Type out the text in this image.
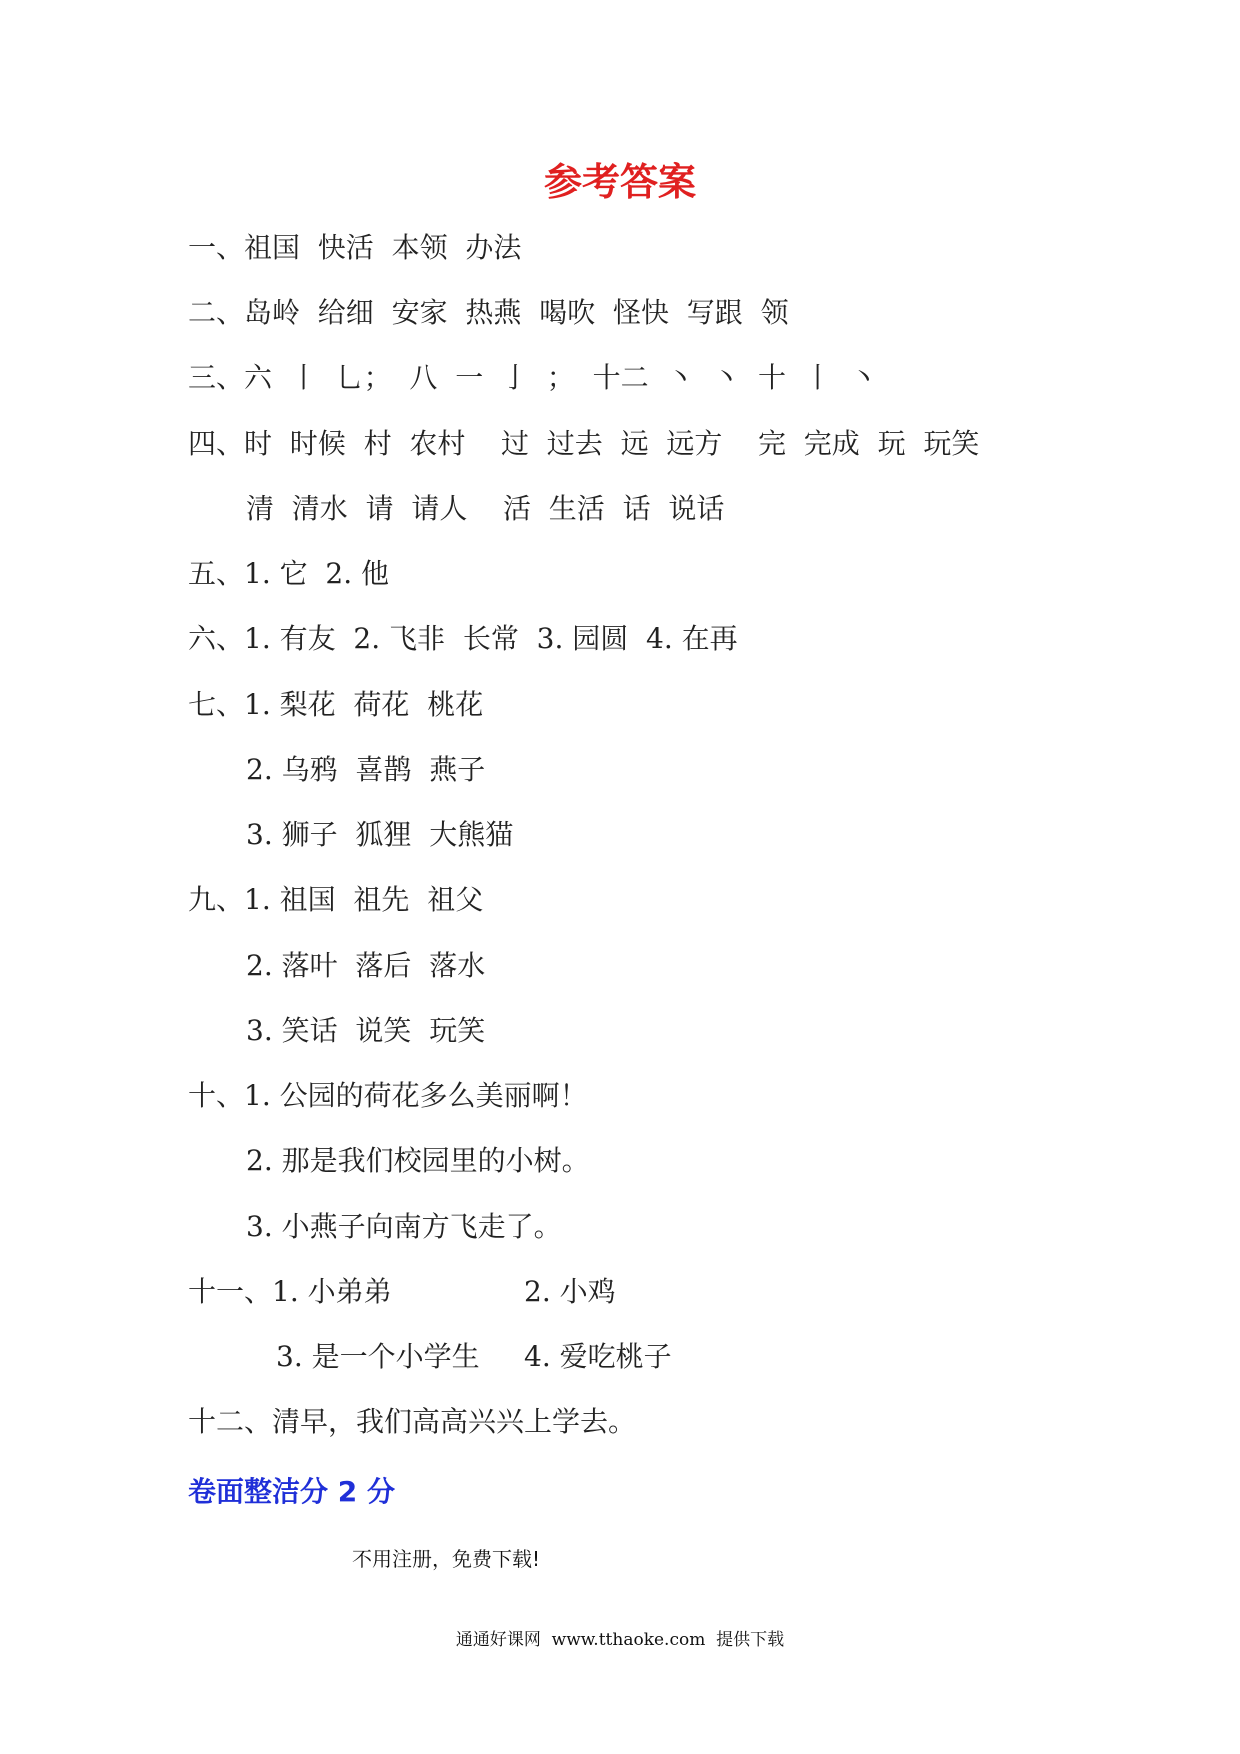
参考答案
一、祖国  快活  本领  办法
二、岛岭  给细  安家  热燕  喝吹  怪快  写跟  领
三、六  丨  乚；  八  一  亅  ；  十二  丶  丶  十  丨  丶
四、时  时候  村  农村    过  过去  远  远方    完  完成  玩  玩笑
清  清水  请  请人    活  生活  话  说话
五、1. 它  2. 他
六、1. 有友  2. 飞非  长常  3. 园圆  4. 在再
七、1. 梨花  荷花  桃花
2. 乌鸦  喜鹊  燕子
3. 狮子  狐狸  大熊猫
九、1. 祖国  祖先  祖父
2. 落叶  落后  落水
3. 笑话  说笑  玩笑
十、1. 公园的荷花多么美丽啊！
2. 那是我们校园里的小树。
3. 小燕子向南方飞走了。
十一、1. 小弟弟	2. 小鸡
3. 是一个小学生 4. 爱吃桃子
十二、清早，我们高高兴兴上学去。
卷面整洁分 2 分
不用注册，免费下载!
通通好课网  www.tthaoke.com  提供下载
